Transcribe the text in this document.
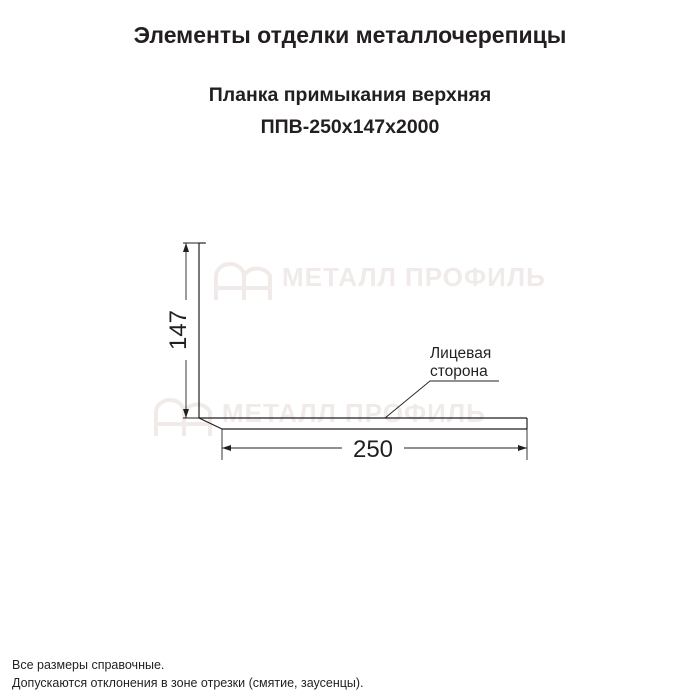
МЕТАЛЛ ПРОФИЛЬ
МЕТАЛЛ ПРОФИЛЬ
Элементы отделки металлочерепицы
Планка примыкания верхняя
ППВ-250x147x2000
147
250
Лицевая
сторона
Все размеры справочные.
Допускаются отклонения в зоне отрезки (смятие, заусенцы).
